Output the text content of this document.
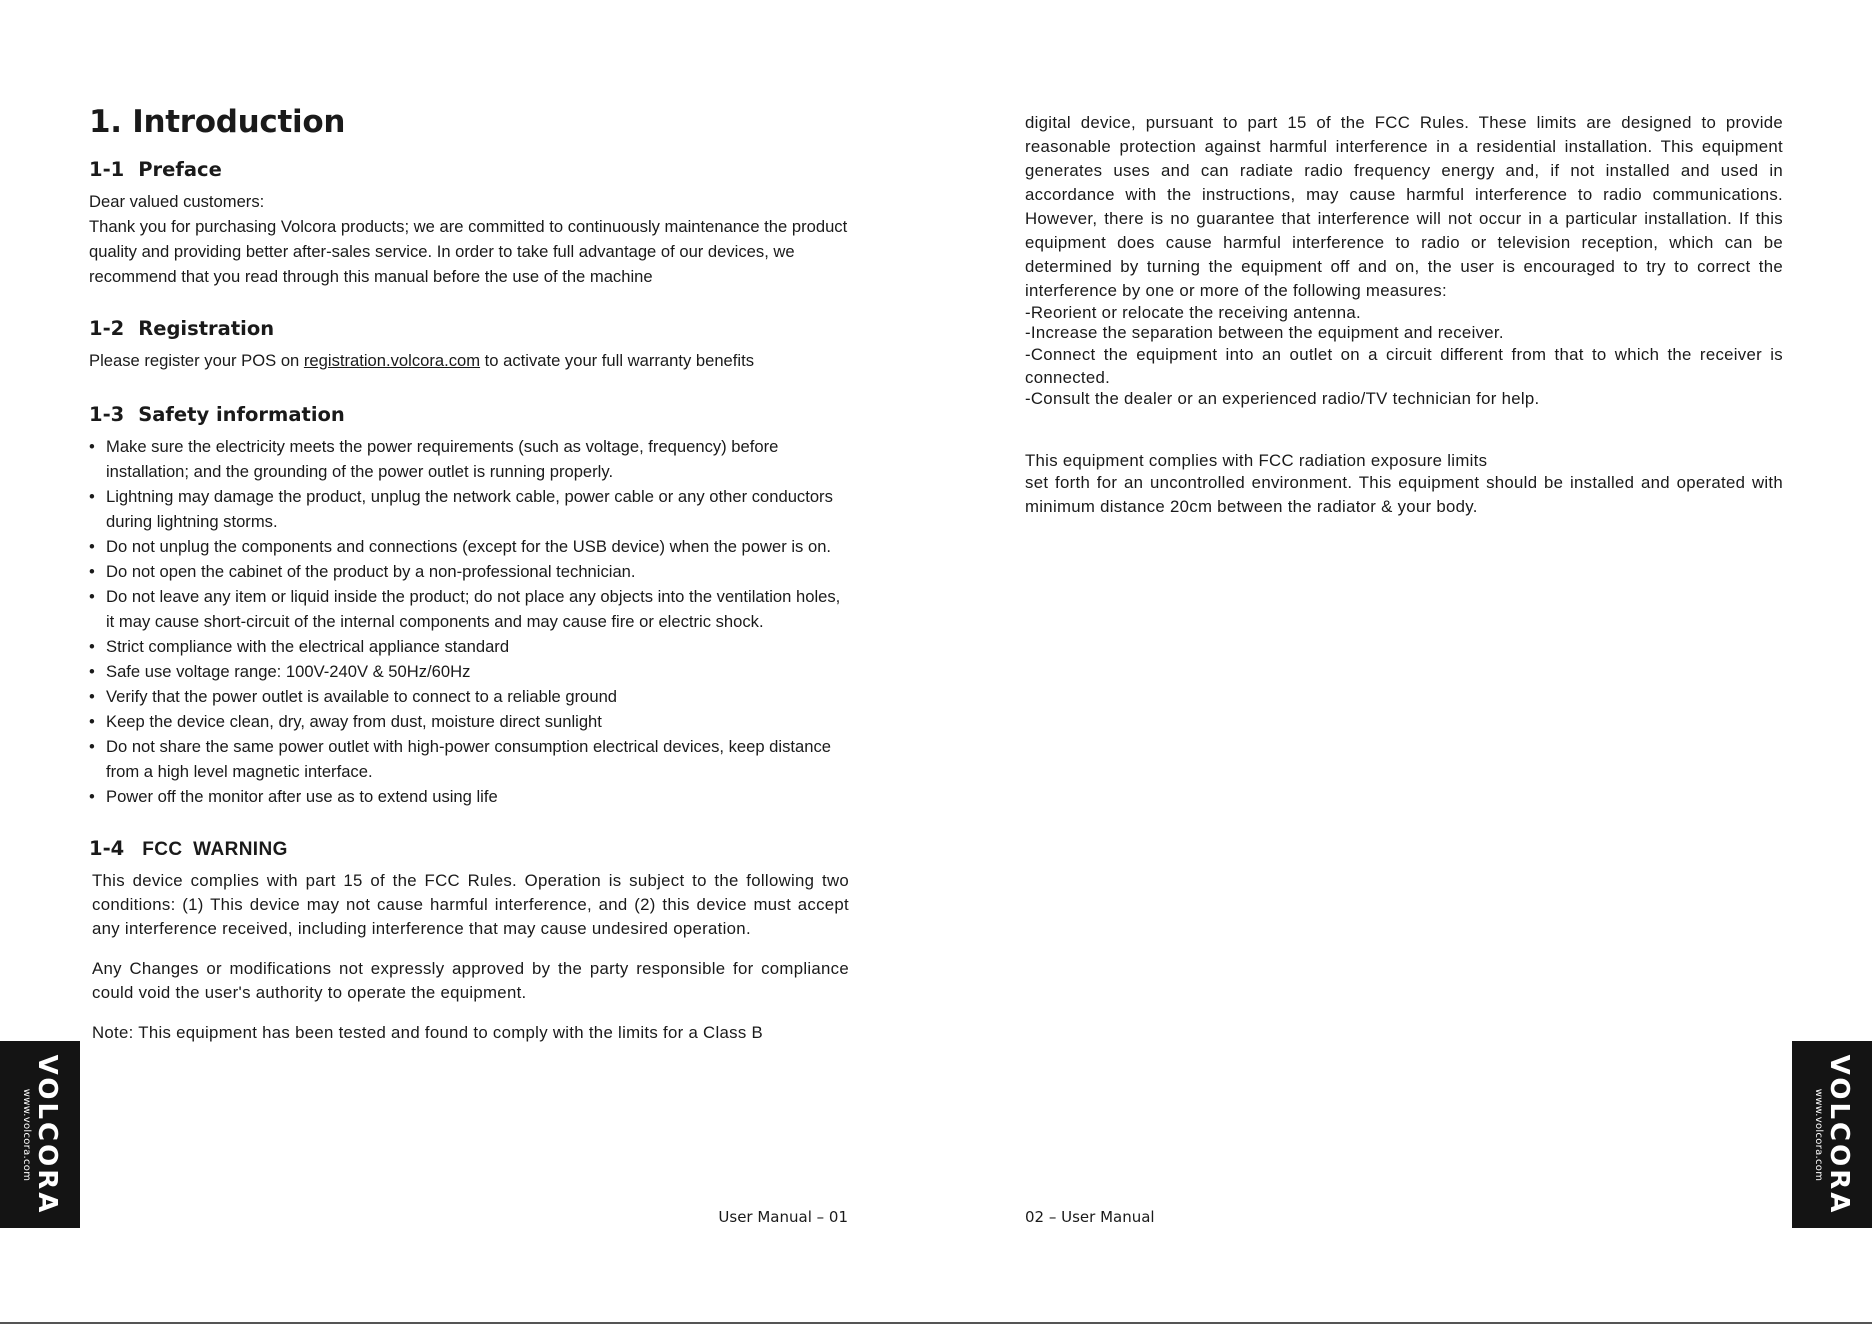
1. Introduction
1-1 Preface

Dear valued customers:

Thank you for purchasing Volcora products; we are committed to continuously maintenance the product quality and providing better after-sales service. In order to take full advantage of our devices, we recommend that you read through this manual before the use of the machine

1-2 Registration

Please register your POS on registration.volcora.com to activate your full warranty benefits

1-3 Safety information
• Make sure the electricity meets the power requirements (such as voltage, frequency) before installation; and the grounding of the power outlet is running properly.
• Lightning may damage the product, unplug the network cable, power cable or any other conductors during lightning storms.
• Do not unplug the components and connections (except for the USB device) when the power is on.
• Do not open the cabinet of the product by a non-professional technician.
• Do not leave any item or liquid inside the product; do not place any objects into the ventilation holes, it may cause short-circuit of the internal components and may cause fire or electric shock.
• Strict compliance with the electrical appliance standard
• Safe use voltage range: 100V-240V & 50Hz/60Hz
• Verify that the power outlet is available to connect to a reliable ground
• Keep the device clean, dry, away from dust, moisture direct sunlight
• Do not share the same power outlet with high-power consumption electrical devices, keep distance from a high level magnetic interface.
• Power off the monitor after use as to extend using life
1-4 FCC WARNING

This device complies with part 15 of the FCC Rules. Operation is subject to the following two conditions: (1) This device may not cause harmful interference, and (2) this device must accept any interference received, including interference that may cause undesired operation.

Any Changes or modifications not expressly approved by the party responsible for compliance could void the user's authority to operate the equipment.

Note: This equipment has been tested and found to comply with the limits for a Class B

User Manual – 01
VOLCORA
www.volcora.com

digital device, pursuant to part 15 of the FCC Rules. These limits are designed to provide reasonable protection against harmful interference in a residential installation. This equipment generates uses and can radiate radio frequency energy and, if not installed and used in accordance with the instructions, may cause harmful interference to radio communications. However, there is no guarantee that interference will not occur in a particular installation. If this equipment does cause harmful interference to radio or television reception, which can be determined by turning the equipment off and on, the user is encouraged to try to correct the interference by one or more of the following measures:

-Reorient or relocate the receiving antenna.

-Increase the separation between the equipment and receiver.

-Connect the equipment into an outlet on a circuit different from that to which the receiver is connected.

-Consult the dealer or an experienced radio/TV technician for help.

This equipment complies with FCC radiation exposure limits

set forth for an uncontrolled environment. This equipment should be installed and operated with minimum distance 20cm between the radiator & your body.

02 – User Manual
VOLCORA
www.volcora.com
